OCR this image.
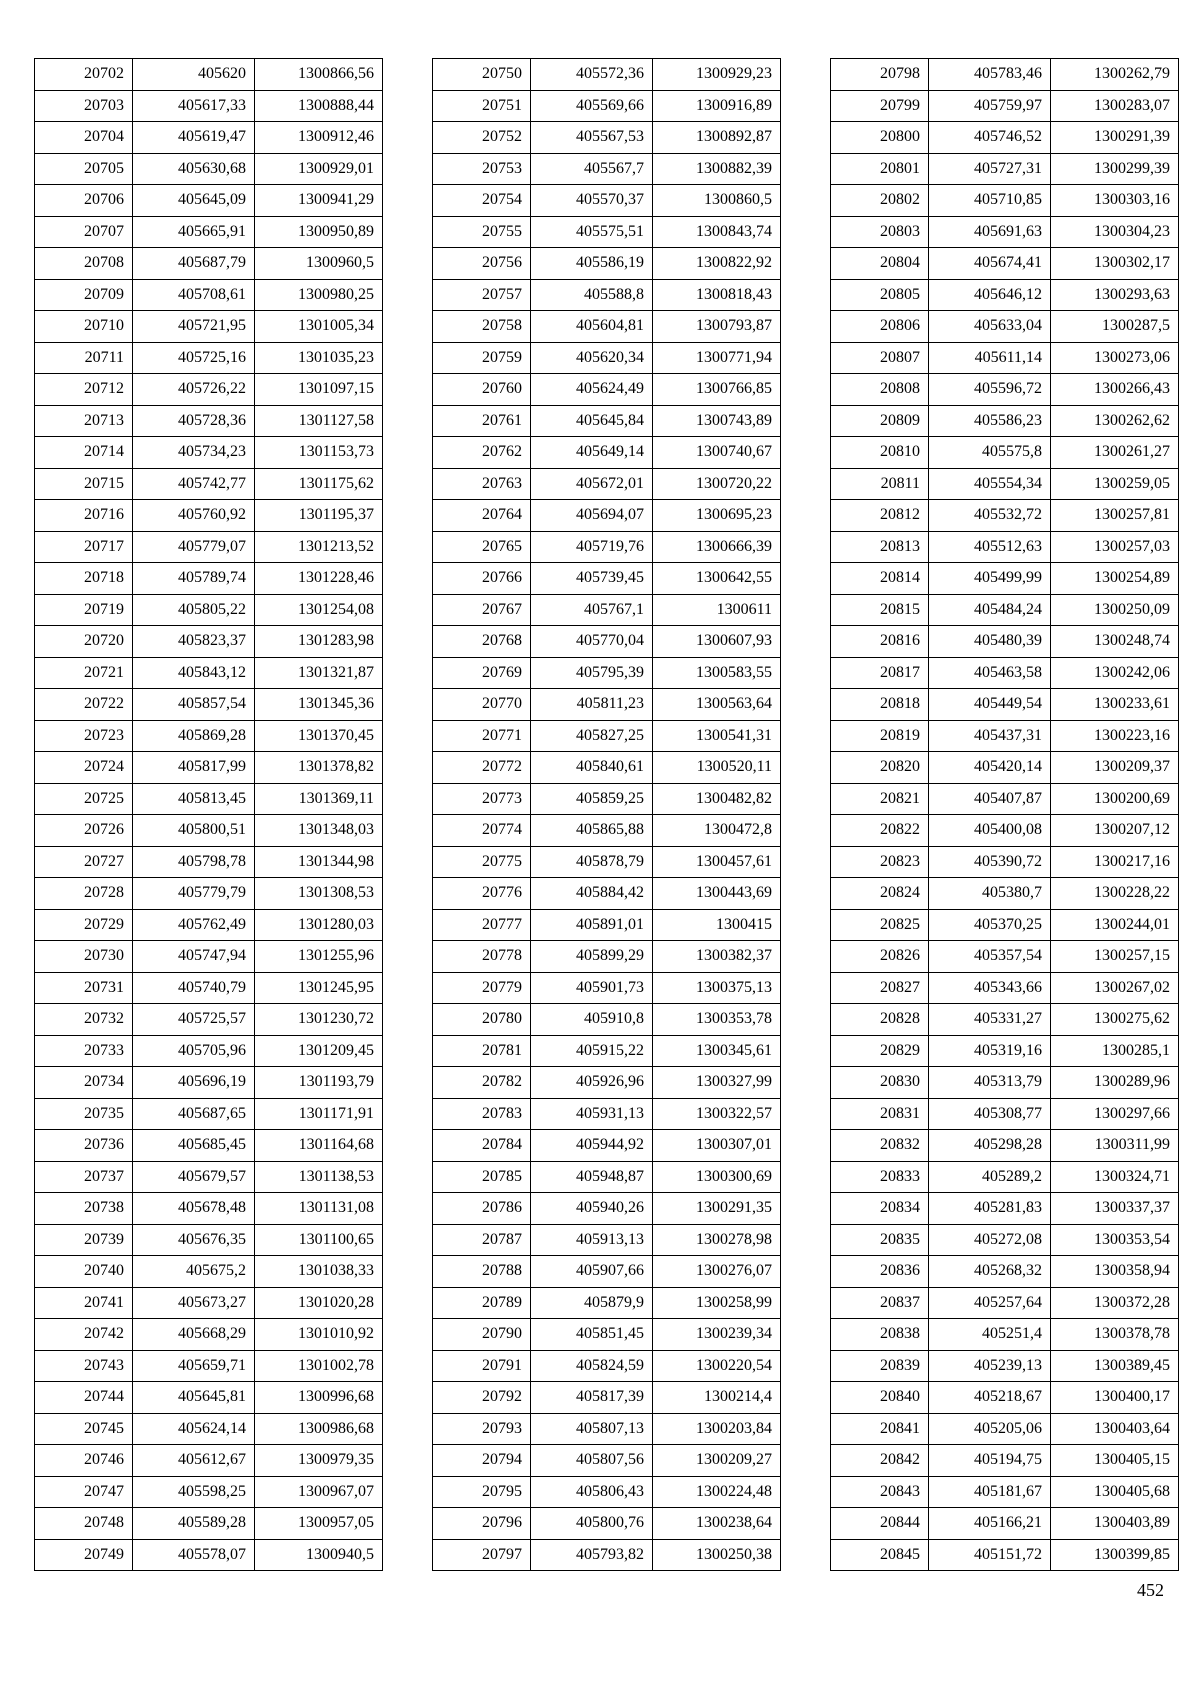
20702	405620	1300866,56
20703	405617,33	1300888,44
20704	405619,47	1300912,46
20705	405630,68	1300929,01
20706	405645,09	1300941,29
20707	405665,91	1300950,89
20708	405687,79	1300960,5
20709	405708,61	1300980,25
20710	405721,95	1301005,34
20711	405725,16	1301035,23
20712	405726,22	1301097,15
20713	405728,36	1301127,58
20714	405734,23	1301153,73
20715	405742,77	1301175,62
20716	405760,92	1301195,37
20717	405779,07	1301213,52
20718	405789,74	1301228,46
20719	405805,22	1301254,08
20720	405823,37	1301283,98
20721	405843,12	1301321,87
20722	405857,54	1301345,36
20723	405869,28	1301370,45
20724	405817,99	1301378,82
20725	405813,45	1301369,11
20726	405800,51	1301348,03
20727	405798,78	1301344,98
20728	405779,79	1301308,53
20729	405762,49	1301280,03
20730	405747,94	1301255,96
20731	405740,79	1301245,95
20732	405725,57	1301230,72
20733	405705,96	1301209,45
20734	405696,19	1301193,79
20735	405687,65	1301171,91
20736	405685,45	1301164,68
20737	405679,57	1301138,53
20738	405678,48	1301131,08
20739	405676,35	1301100,65
20740	405675,2	1301038,33
20741	405673,27	1301020,28
20742	405668,29	1301010,92
20743	405659,71	1301002,78
20744	405645,81	1300996,68
20745	405624,14	1300986,68
20746	405612,67	1300979,35
20747	405598,25	1300967,07
20748	405589,28	1300957,05
20749	405578,07	1300940,5
20750	405572,36	1300929,23
20751	405569,66	1300916,89
20752	405567,53	1300892,87
20753	405567,7	1300882,39
20754	405570,37	1300860,5
20755	405575,51	1300843,74
20756	405586,19	1300822,92
20757	405588,8	1300818,43
20758	405604,81	1300793,87
20759	405620,34	1300771,94
20760	405624,49	1300766,85
20761	405645,84	1300743,89
20762	405649,14	1300740,67
20763	405672,01	1300720,22
20764	405694,07	1300695,23
20765	405719,76	1300666,39
20766	405739,45	1300642,55
20767	405767,1	1300611
20768	405770,04	1300607,93
20769	405795,39	1300583,55
20770	405811,23	1300563,64
20771	405827,25	1300541,31
20772	405840,61	1300520,11
20773	405859,25	1300482,82
20774	405865,88	1300472,8
20775	405878,79	1300457,61
20776	405884,42	1300443,69
20777	405891,01	1300415
20778	405899,29	1300382,37
20779	405901,73	1300375,13
20780	405910,8	1300353,78
20781	405915,22	1300345,61
20782	405926,96	1300327,99
20783	405931,13	1300322,57
20784	405944,92	1300307,01
20785	405948,87	1300300,69
20786	405940,26	1300291,35
20787	405913,13	1300278,98
20788	405907,66	1300276,07
20789	405879,9	1300258,99
20790	405851,45	1300239,34
20791	405824,59	1300220,54
20792	405817,39	1300214,4
20793	405807,13	1300203,84
20794	405807,56	1300209,27
20795	405806,43	1300224,48
20796	405800,76	1300238,64
20797	405793,82	1300250,38
20798	405783,46	1300262,79
20799	405759,97	1300283,07
20800	405746,52	1300291,39
20801	405727,31	1300299,39
20802	405710,85	1300303,16
20803	405691,63	1300304,23
20804	405674,41	1300302,17
20805	405646,12	1300293,63
20806	405633,04	1300287,5
20807	405611,14	1300273,06
20808	405596,72	1300266,43
20809	405586,23	1300262,62
20810	405575,8	1300261,27
20811	405554,34	1300259,05
20812	405532,72	1300257,81
20813	405512,63	1300257,03
20814	405499,99	1300254,89
20815	405484,24	1300250,09
20816	405480,39	1300248,74
20817	405463,58	1300242,06
20818	405449,54	1300233,61
20819	405437,31	1300223,16
20820	405420,14	1300209,37
20821	405407,87	1300200,69
20822	405400,08	1300207,12
20823	405390,72	1300217,16
20824	405380,7	1300228,22
20825	405370,25	1300244,01
20826	405357,54	1300257,15
20827	405343,66	1300267,02
20828	405331,27	1300275,62
20829	405319,16	1300285,1
20830	405313,79	1300289,96
20831	405308,77	1300297,66
20832	405298,28	1300311,99
20833	405289,2	1300324,71
20834	405281,83	1300337,37
20835	405272,08	1300353,54
20836	405268,32	1300358,94
20837	405257,64	1300372,28
20838	405251,4	1300378,78
20839	405239,13	1300389,45
20840	405218,67	1300400,17
20841	405205,06	1300403,64
20842	405194,75	1300405,15
20843	405181,67	1300405,68
20844	405166,21	1300403,89
20845	405151,72	1300399,85
452
